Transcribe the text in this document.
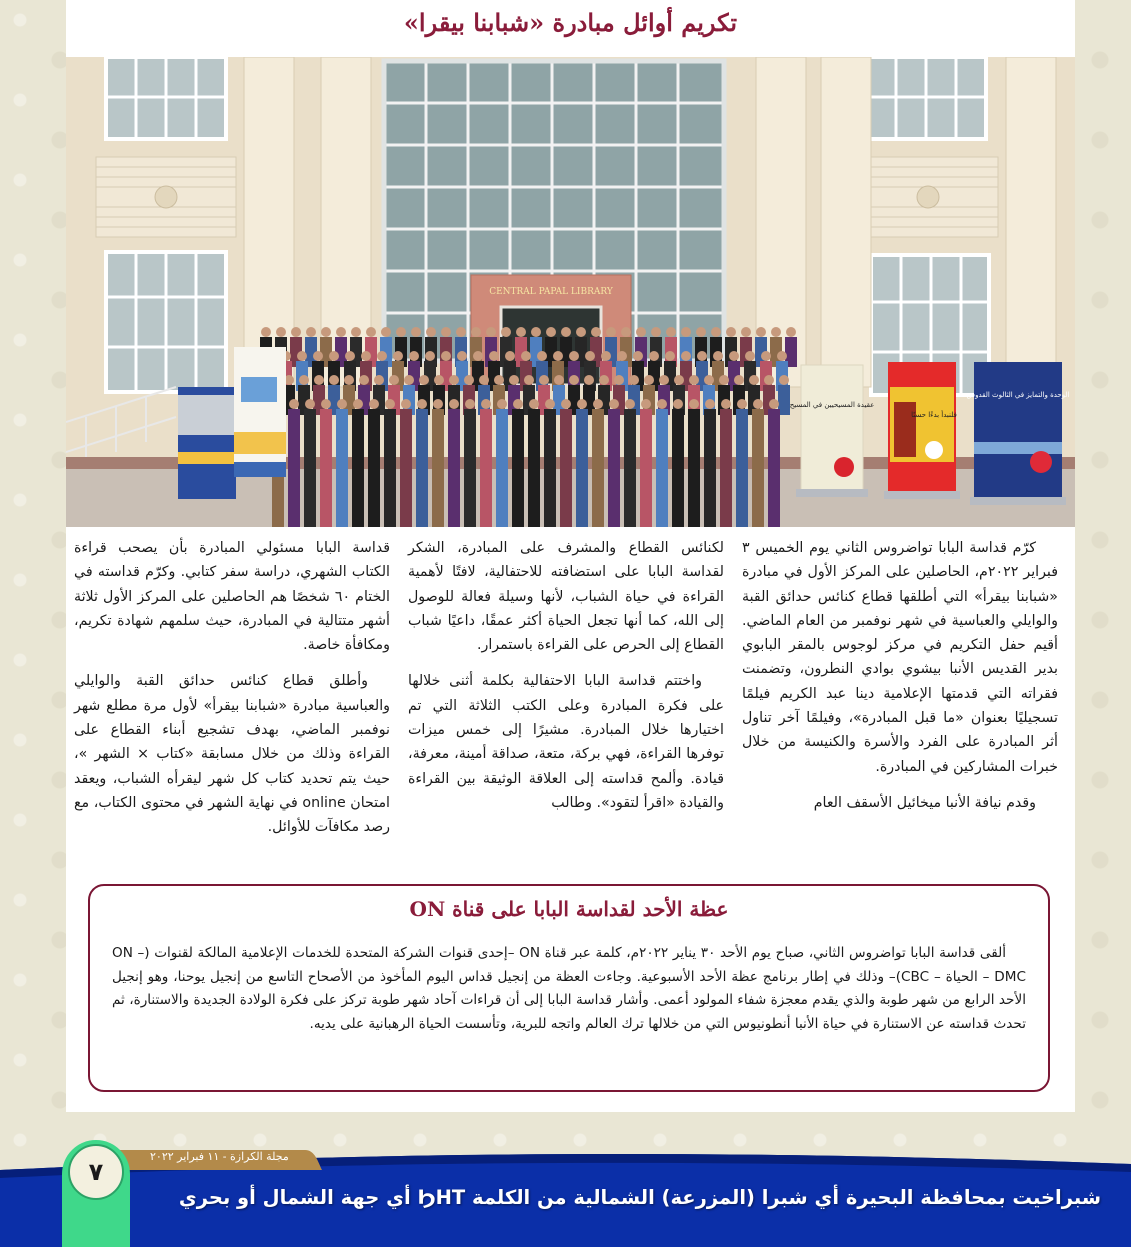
تكريم أوائل مبادرة «شبابنا بيقرا»
CENTRAL PAPAL LIBRARY
عقيدة المسيحيين في المسيح
فلنبدأ بدءًا حسنًا
الوحدة والتمايز في الثالوث القدوس

كرّم قداسة البابا تواضروس الثاني يوم الخميس ٣ فبراير ٢٠٢٢م، الحاصلين على المركز الأول في مبادرة «شبابنا بيقرأ» التي أطلقها قطاع كنائس حدائق القبة والوايلي والعباسية في شهر نوفمبر من العام الماضي. أقيم حفل التكريم في مركز لوجوس بالمقر البابوي بدير القديس الأنبا بيشوي بوادي النطرون، وتضمنت فقراته التي قدمتها الإعلامية دينا عبد الكريم فيلمًا تسجيليًا بعنوان «ما قبل المبادرة»، وفيلمًا آخر تناول أثر المبادرة على الفرد والأسرة والكنيسة من خلال خبرات المشاركين في المبادرة.

وقدم نيافة الأنبا ميخائيل الأسقف العام

لكنائس القطاع والمشرف على المبادرة، الشكر لقداسة البابا على استضافته للاحتفالية، لافتًا لأهمية القراءة في حياة الشباب، لأنها وسيلة فعالة للوصول إلى الله، كما أنها تجعل الحياة أكثر عمقًا، داعيًا شباب القطاع إلى الحرص على القراءة باستمرار.

واختتم قداسة البابا الاحتفالية بكلمة أثنى خلالها على فكرة المبادرة وعلى الكتب الثلاثة التي تم اختيارها خلال المبادرة. مشيرًا إلى خمس ميزات توفرها القراءة، فهي بركة، متعة، صداقة أمينة، معرفة، قيادة. وألمح قداسته إلى العلاقة الوثيقة بين القراءة والقيادة «اقرأ لتقود». وطالب

قداسة البابا مسئولي المبادرة بأن يصحب قراءة الكتاب الشهري، دراسة سفر كتابي. وكرّم قداسته في الختام ٦٠ شخصًا هم الحاصلين على المركز الأول ثلاثة أشهر متتالية في المبادرة، حيث سلمهم شهادة تكريم، ومكافأة خاصة.

وأطلق قطاع كنائس حدائق القبة والوايلي والعباسية مبادرة «شبابنا بيقرأ» لأول مرة مطلع شهر نوفمبر الماضي، بهدف تشجيع أبناء القطاع على القراءة وذلك من خلال مسابقة «كتاب × الشهر »، حيث يتم تحديد كتاب كل شهر ليقرأه الشباب، ويعقد امتحان online في نهاية الشهر في محتوى الكتاب، مع رصد مكافآت للأوائل.

عظة الأحد لقداسة البابا على قناة ON

ألقى قداسة البابا تواضروس الثاني، صباح يوم الأحد ٣٠ يناير ٢٠٢٢م، كلمة عبر قناة ON –إحدى قنوات الشركة المتحدة للخدمات الإعلامية المالكة لقنوات (ON – DMC – الحياة – CBC)– وذلك في إطار برنامج عظة الأحد الأسبوعية. وجاءت العظة من إنجيل قداس اليوم المأخوذ من الأصحاح التاسع من إنجيل يوحنا، وهو إنجيل الأحد الرابع من شهر طوبة والذي يقدم معجزة شفاء المولود أعمى. وأشار قداسة البابا إلى أن قراءات آحاد شهر طوبة تركز على فكرة الولادة الجديدة والاستنارة، ثم تحدث قداسته عن الاستنارة في حياة الأنبا أنطونيوس التي من خلالها ترك العالم واتجه للبرية، وتأسست الحياة الرهبانية على يديه.

٧
مجلة الكرازة - ١١ فبراير ٢٠٢٢
شبراخيت بمحافظة البحيرة أي شبرا (المزرعة) الشمالية من الكلمة ϦHT أي جهة الشمال أو بحري
